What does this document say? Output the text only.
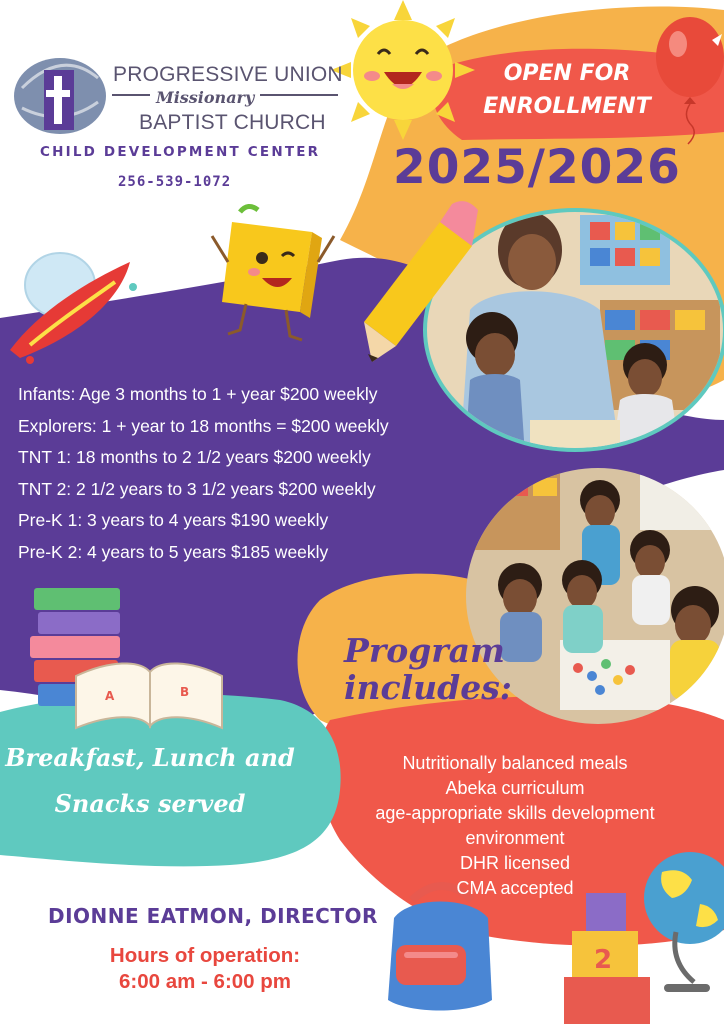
A	B
2
PROGRESSIVE UNION
Missionary
BAPTIST CHURCH
CHILD DEVELOPMENT CENTER
256-539-1072
OPEN FOR
ENROLLMENT
2025/2026
Infants: Age 3 months to 1 + year $200 weekly
Explorers: 1 + year to 18 months = $200 weekly
TNT 1: 18 months to 2 1/2 years $200 weekly
TNT 2: 2 1/2 years to 3 1/2 years $200 weekly
Pre-K 1: 3 years to 4 years $190 weekly
Pre-K 2: 4 years to 5 years $185 weekly
Program
includes:
Breakfast, Lunch and
Snacks served
Nutritionally balanced meals
Abeka curriculum
age-appropriate skills development
environment
DHR licensed
CMA accepted
DIONNE EATMON, DIRECTOR
Hours of operation:
6:00 am - 6:00 pm
